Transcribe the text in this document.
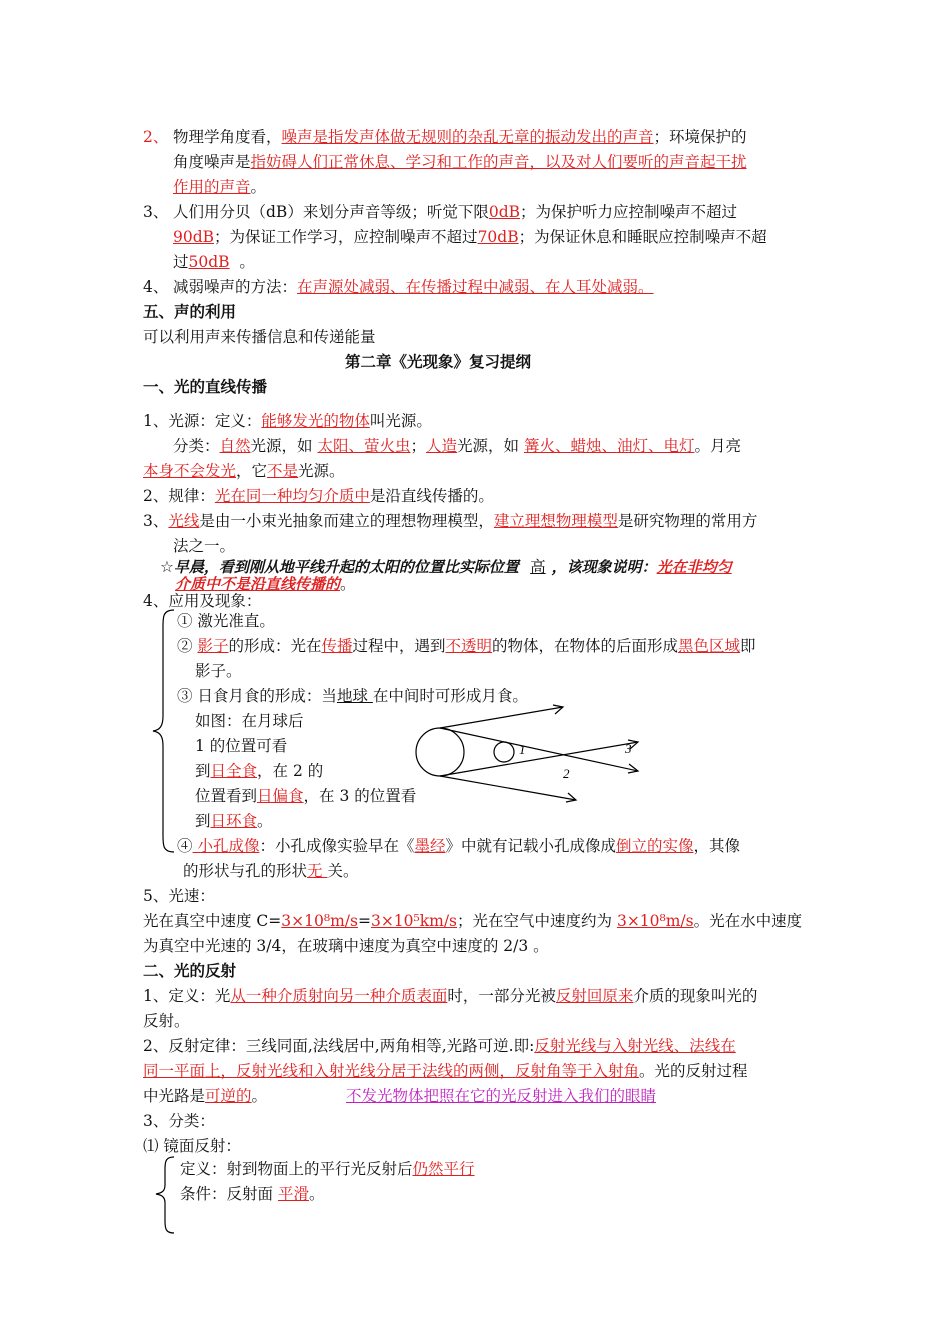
2、 物理学角度看，噪声是指发声体做无规则的杂乱无章的振动发出的声音；环境保护的
角度噪声是指妨碍人们正常休息、学习和工作的声音，以及对人们要听的声音起干扰
作用的声音。
3、 人们用分贝（dB）来划分声音等级；听觉下限0dB；为保护听力应控制噪声不超过
90dB；为保证工作学习，应控制噪声不超过70dB；为保证休息和睡眠应控制噪声不超
过50dB  。
4、 减弱噪声的方法：在声源处减弱、在传播过程中减弱、在人耳处减弱。
五、声的利用
可以利用声来传播信息和传递能量
第二章《光现象》复习提纲
一、光的直线传播
1、光源：定义：能够发光的物体叫光源。
分类：自然光源，如 太阳、萤火虫；人造光源，如 篝火、蜡烛、油灯、电灯。月亮
本身不会发光，它不是光源。
2、规律：光在同一种均匀介质中是沿直线传播的。
3、光线是由一小束光抽象而建立的理想物理模型，建立理想物理模型是研究物理的常用方
法之一。
☆早晨，看到刚从地平线升起的太阳的位置比实际位置 高 ，该现象说明：光在非均匀
介质中不是沿直线传播的。
4、应用及现象：
① 激光准直。
② 影子的形成：光在传播过程中，遇到不透明的物体，在物体的后面形成黑色区域即
影子。
③ 日食月食的形成：当地球 在中间时可形成月食。
如图：在月球后
1 的位置可看
到日全食，在 2 的
位置看到日偏食，在 3 的位置看
到日环食。
1
2
3
④ 小孔成像：小孔成像实验早在《墨经》中就有记载小孔成像成倒立的实像，其像
的形状与孔的形状无 关。
5、光速：
光在真空中速度 C=3×10⁸m/s=3×10⁵km/s；光在空气中速度约为 3×10⁸m/s。光在水中速度
为真空中光速的 3/4，在玻璃中速度为真空中速度的 2/3 。
二、光的反射
1、定义：光从一种介质射向另一种介质表面时，一部分光被反射回原来介质的现象叫光的
反射。
2、反射定律：三线同面,法线居中,两角相等,光路可逆.即:反射光线与入射光线、法线在
同一平面上，反射光线和入射光线分居于法线的两侧，反射角等于入射角。光的反射过程
中光路是可逆的。	不发光物体把照在它的光反射进入我们的眼睛
3、分类：
⑴ 镜面反射：
定义：射到物面上的平行光反射后仍然平行
条件：反射面 平滑。
